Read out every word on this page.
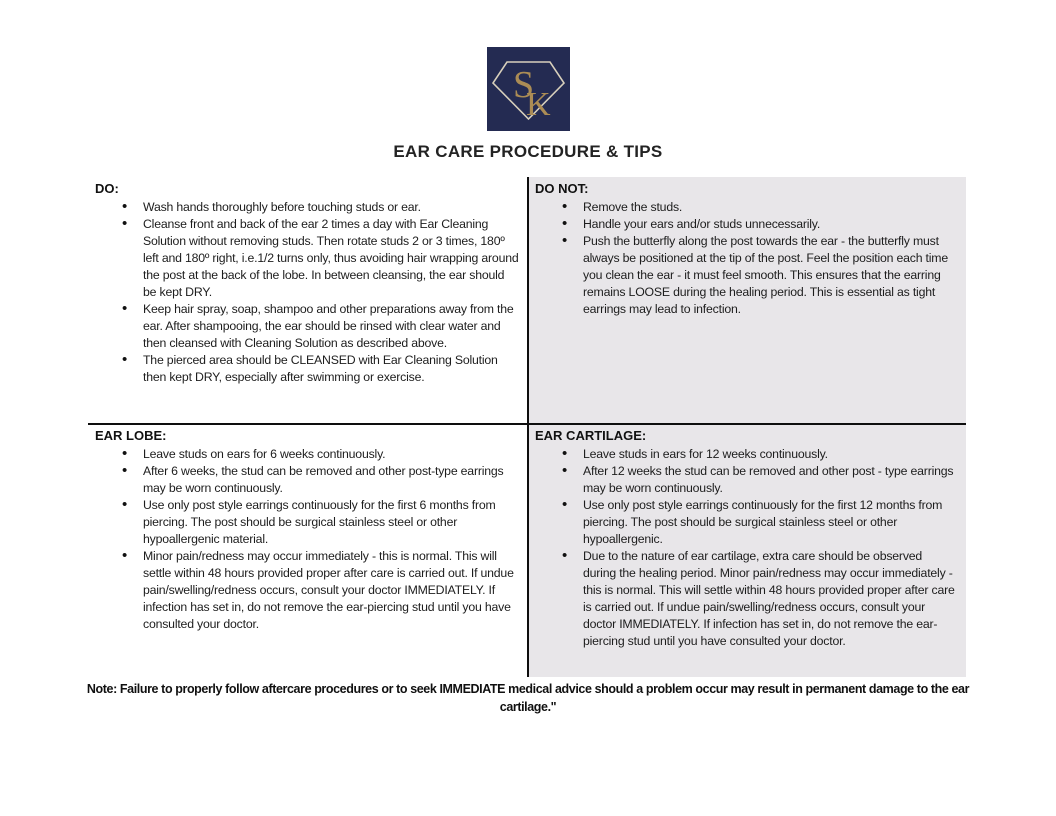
S
K
EAR CARE PROCEDURE & TIPS
DO:
• Wash hands thoroughly before touching studs or ear.
• Cleanse front and back of the ear 2 times a day with Ear Cleaning Solution without removing studs. Then rotate studs 2 or 3 times, 180º left and 180º right, i.e.1/2 turns only, thus avoiding hair wrapping around the post at the back of the lobe. In between cleansing, the ear should be kept DRY.
• Keep hair spray, soap, shampoo and other preparations away from the ear. After shampooing, the ear should be rinsed with clear water and then cleansed with Cleaning Solution as described above.
• The pierced area should be CLEANSED with Ear Cleaning Solution then kept DRY, especially after swimming or exercise.
DO NOT:
• Remove the studs.
• Handle your ears and/or studs unnecessarily.
• Push the butterfly along the post towards the ear - the butterfly must always be positioned at the tip of the post. Feel the position each time you clean the ear - it must feel smooth. This ensures that the earring remains LOOSE during the healing period. This is essential as tight earrings may lead to infection.
EAR LOBE:
• Leave studs on ears for 6 weeks continuously.
• After 6 weeks, the stud can be removed and other post-type earrings may be worn continuously.
• Use only post style earrings continuously for the first 6 months from piercing. The post should be surgical stainless steel or other hypoallergenic material.
• Minor pain/redness may occur immediately - this is normal. This will settle within 48 hours provided proper after care is carried out. If undue pain/swelling/redness occurs, consult your doctor IMMEDIATELY. If infection has set in, do not remove the ear-piercing stud until you have consulted your doctor.
EAR CARTILAGE:
• Leave studs in ears for 12 weeks continuously.
• After 12 weeks the stud can be removed and other post - type earrings may be worn continuously.
• Use only post style earrings continuously for the first 12 months from piercing. The post should be surgical stainless steel or other hypoallergenic.
• Due to the nature of ear cartilage, extra care should be observed during the healing period. Minor pain/redness may occur immediately - this is normal. This will settle within 48 hours provided proper after care is carried out. If undue pain/swelling/redness occurs, consult your doctor IMMEDIATELY. If infection has set in, do not remove the ear-piercing stud until you have consulted your doctor.

Note: Failure to properly follow aftercare procedures or to seek IMMEDIATE medical advice should a problem occur may result in permanent damage to the ear cartilage."
